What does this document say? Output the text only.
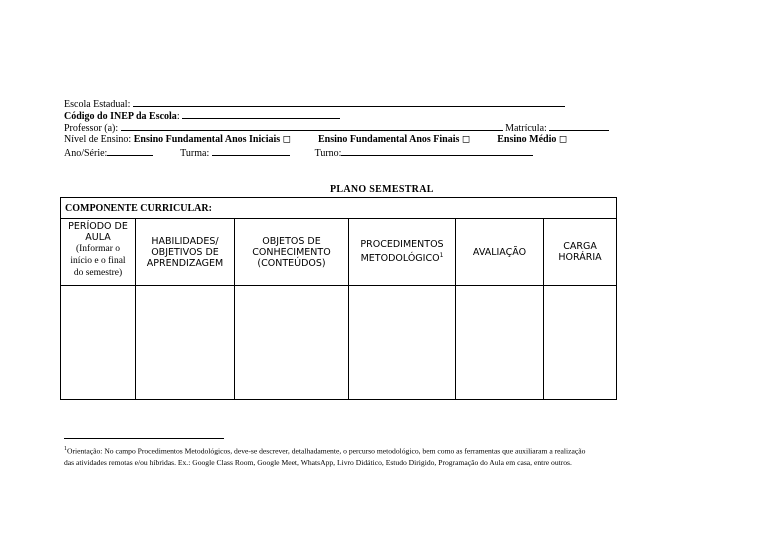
Escola Estadual:
Código do INEP da Escola:
Professor (a):	Matrícula:
Nível de Ensino: Ensino Fundamental Anos Iniciais ◻	Ensino Fundamental Anos Finais ◻	Ensino Médio ◻
Ano/Série:	Turma:	Turno:
PLANO SEMESTRAL
COMPONENTE CURRICULAR:					
PERÍODO DE
AULA
(Informar o
início e o final
do semestre)	HABILIDADES/
OBJETIVOS DE
APRENDIZAGEM	OBJETOS DE
CONHECIMENTO
(CONTEÚDOS)	PROCEDIMENTOS
METODOLÓGICO$^1$	AVALIAÇÃO	CARGA
HORÁRIA

$^1$Orientação: No campo Procedimentos Metodológicos, deve-se descrever, detalhadamente, o percurso metodológico, bem como as ferramentas que auxiliaram a realização
das atividades remotas e/ou híbridas. Ex.: Google Class Room, Google Meet, WhatsApp, Livro Didático, Estudo Dirigido, Programação do Aula em casa, entre outros.
